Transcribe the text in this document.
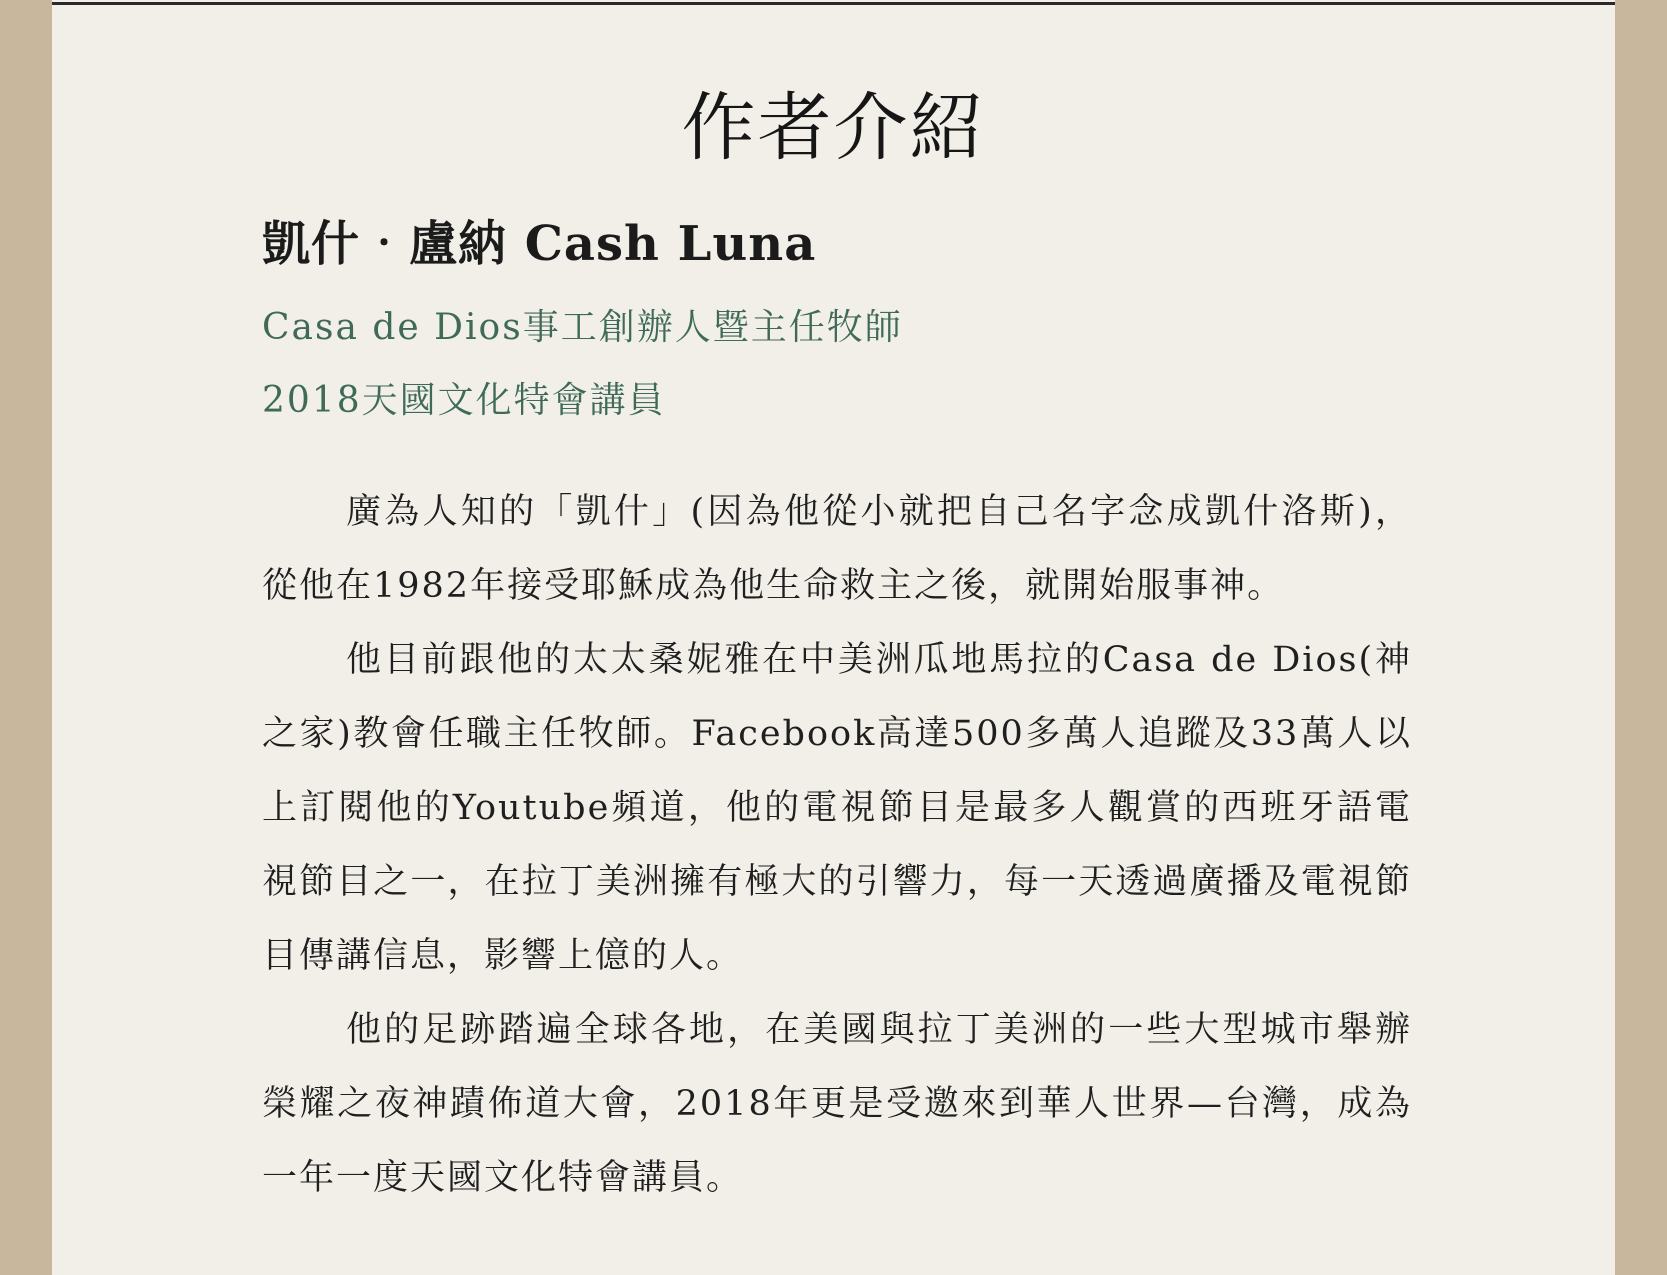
作者介紹
凱什‧盧納 Cash Luna

Casa de Dios事工創辦人暨主任牧師

2018天國文化特會講員

廣為人知的「凱什」(因為他從小就把自己名字念成凱什洛斯)，從他在1982年接受耶穌成為他生命救主之後，就開始服事神。

他目前跟他的太太桑妮雅在中美洲瓜地馬拉的Casa de Dios(神之家)教會任職主任牧師。Facebook高達500多萬人追蹤及33萬人以上訂閱他的Youtube頻道，他的電視節目是最多人觀賞的西班牙語電視節目之一，在拉丁美洲擁有極大的引響力，每一天透過廣播及電視節目傳講信息，影響上億的人。

他的足跡踏遍全球各地，在美國與拉丁美洲的一些大型城市舉辦榮耀之夜神蹟佈道大會，2018年更是受邀來到華人世界—台灣，成為一年一度天國文化特會講員。
